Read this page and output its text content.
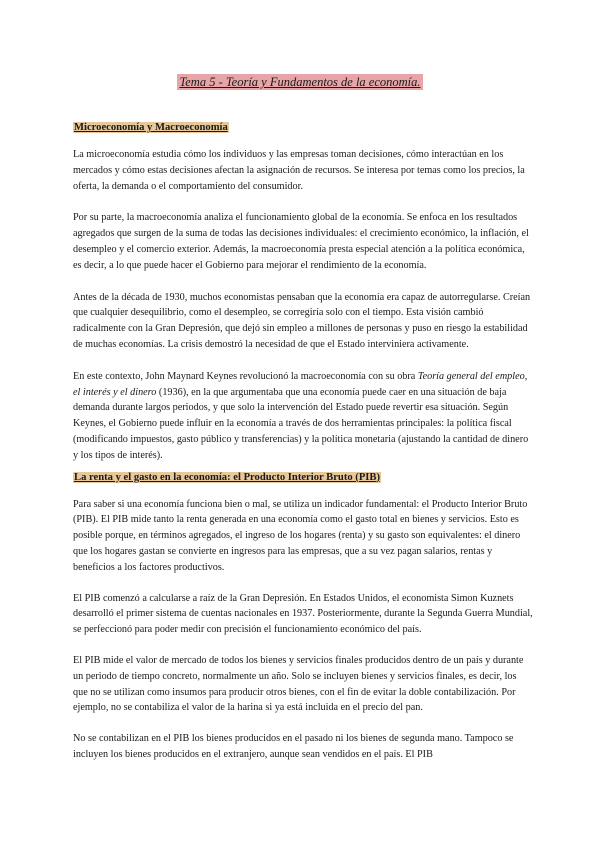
Tema 5 - Teoría y Fundamentos de la economía.
Microeconomía y Macroeconomía

La microeconomía estudia cómo los individuos y las empresas toman decisiones, cómo interactúan en los mercados y cómo estas decisiones afectan la asignación de recursos. Se interesa por temas como los precios, la oferta, la demanda o el comportamiento del consumidor.

Por su parte, la macroeconomía analiza el funcionamiento global de la economía. Se enfoca en los resultados agregados que surgen de la suma de todas las decisiones individuales: el crecimiento económico, la inflación, el desempleo y el comercio exterior. Además, la macroeconomía presta especial atención a la política económica, es decir, a lo que puede hacer el Gobierno para mejorar el rendimiento de la economía.

Antes de la década de 1930, muchos economistas pensaban que la economía era capaz de autorregularse. Creían que cualquier desequilibrio, como el desempleo, se corregiría solo con el tiempo. Esta visión cambió radicalmente con la Gran Depresión, que dejó sin empleo a millones de personas y puso en riesgo la estabilidad de muchas economías. La crisis demostró la necesidad de que el Estado interviniera activamente.

En este contexto, John Maynard Keynes revolucionó la macroeconomía con su obra Teoría general del empleo, el interés y el dinero (1936), en la que argumentaba que una economía puede caer en una situación de baja demanda durante largos periodos, y que solo la intervención del Estado puede revertir esa situación. Según Keynes, el Gobierno puede influir en la economía a través de dos herramientas principales: la política fiscal (modificando impuestos, gasto público y transferencias) y la política monetaria (ajustando la cantidad de dinero y los tipos de interés).

La renta y el gasto en la economía: el Producto Interior Bruto (PIB)

Para saber si una economía funciona bien o mal, se utiliza un indicador fundamental: el Producto Interior Bruto (PIB). El PIB mide tanto la renta generada en una economía como el gasto total en bienes y servicios. Esto es posible porque, en términos agregados, el ingreso de los hogares (renta) y su gasto son equivalentes: el dinero que los hogares gastan se convierte en ingresos para las empresas, que a su vez pagan salarios, rentas y beneficios a los factores productivos.

El PIB comenzó a calcularse a raíz de la Gran Depresión. En Estados Unidos, el economista Simon Kuznets desarrolló el primer sistema de cuentas nacionales en 1937. Posteriormente, durante la Segunda Guerra Mundial, se perfeccionó para poder medir con precisión el funcionamiento económico del país.

El PIB mide el valor de mercado de todos los bienes y servicios finales producidos dentro de un país y durante un periodo de tiempo concreto, normalmente un año. Solo se incluyen bienes y servicios finales, es decir, los que no se utilizan como insumos para producir otros bienes, con el fin de evitar la doble contabilización. Por ejemplo, no se contabiliza el valor de la harina si ya está incluida en el precio del pan.

No se contabilizan en el PIB los bienes producidos en el pasado ni los bienes de segunda mano. Tampoco se incluyen los bienes producidos en el extranjero, aunque sean vendidos en el país. El PIB
